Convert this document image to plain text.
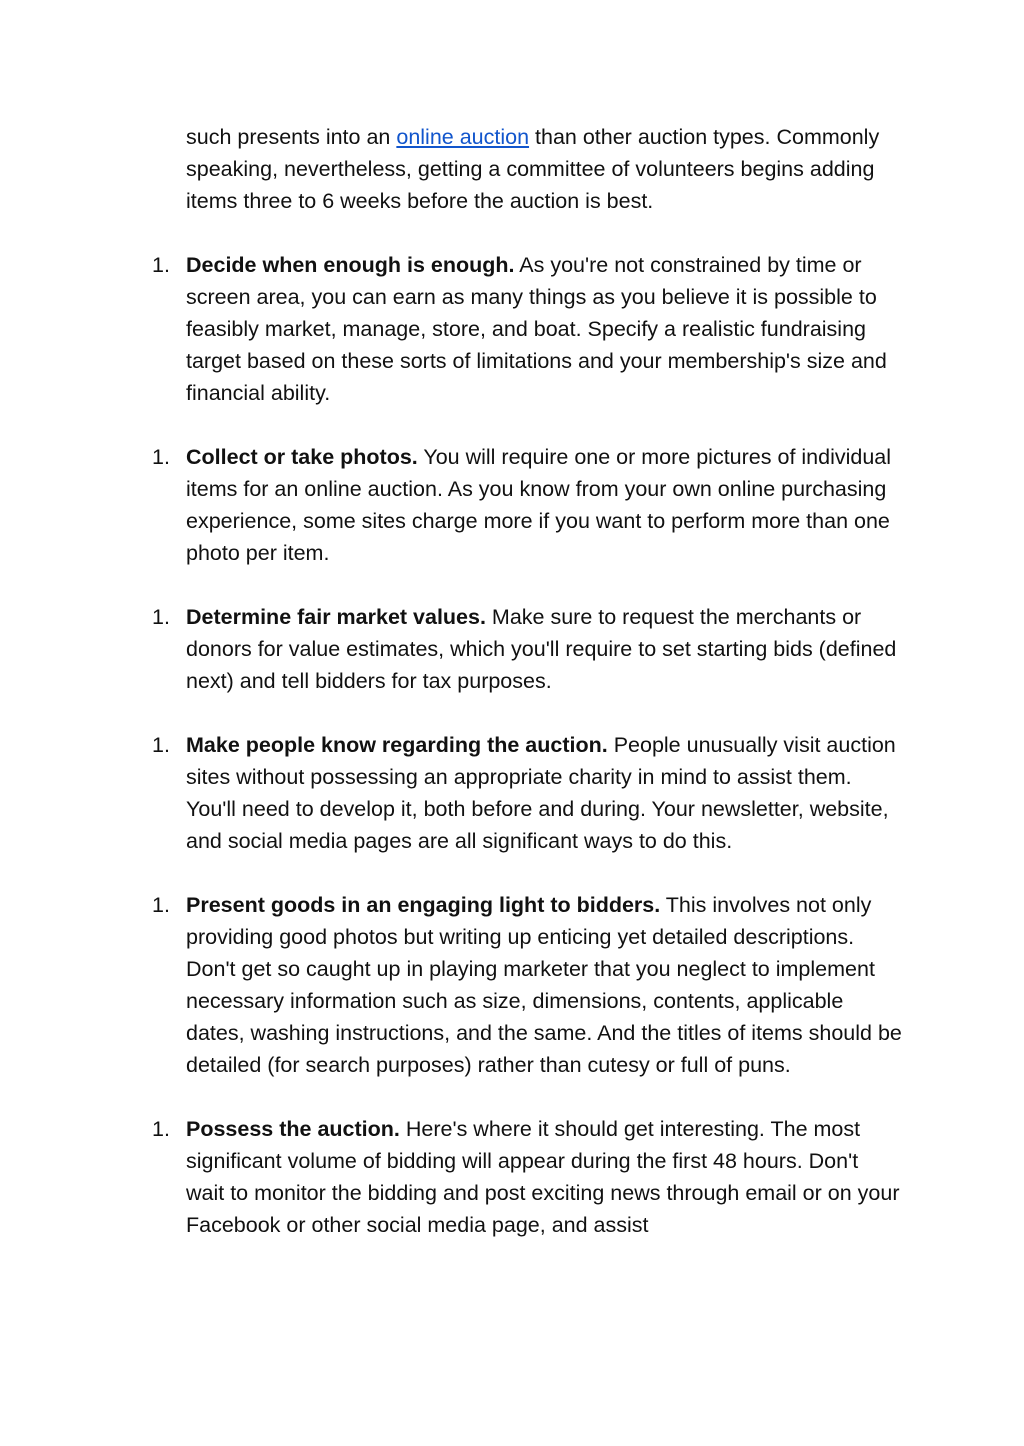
such presents into an online auction than other auction types. Commonly speaking, nevertheless, getting a committee of volunteers begins adding items three to 6 weeks before the auction is best.

1. Decide when enough is enough. As you're not constrained by time or screen area, you can earn as many things as you believe it is possible to feasibly market, manage, store, and boat. Specify a realistic fundraising target based on these sorts of limitations and your membership's size and financial ability.
1. Collect or take photos. You will require one or more pictures of individual items for an online auction. As you know from your own online purchasing experience, some sites charge more if you want to perform more than one photo per item.
1. Determine fair market values. Make sure to request the merchants or donors for value estimates, which you'll require to set starting bids (defined next) and tell bidders for tax purposes.
1. Make people know regarding the auction. People unusually visit auction sites without possessing an appropriate charity in mind to assist them. You'll need to develop it, both before and during. Your newsletter, website, and social media pages are all significant ways to do this.
1. Present goods in an engaging light to bidders. This involves not only providing good photos but writing up enticing yet detailed descriptions. Don't get so caught up in playing marketer that you neglect to implement necessary information such as size, dimensions, contents, applicable dates, washing instructions, and the same. And the titles of items should be detailed (for search purposes) rather than cutesy or full of puns.
1. Possess the auction. Here's where it should get interesting. The most significant volume of bidding will appear during the first 48 hours. Don't wait to monitor the bidding and post exciting news through email or on your Facebook or other social media page, and assist
